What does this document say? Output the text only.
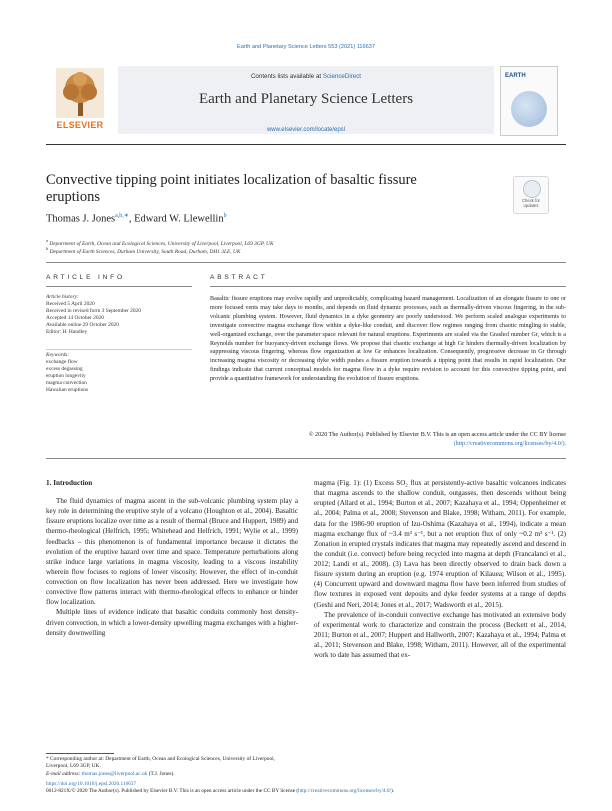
Earth and Planetary Science Letters 553 (2021) 116637
ELSEVIER
Contents lists available at ScienceDirect
Earth and Planetary Science Letters
www.elsevier.com/locate/epsl
EARTH
Convective tipping point initiates localization of basaltic fissure
eruptions	Check for
updates
Thomas J. Jones$^{a,b,∗}$, Edward W. Llewellin$^b$
$^a$ Department of Earth, Ocean and Ecological Sciences, University of Liverpool, Liverpool, L69 3GP, UK
$^b$ Department of Earth Sciences, Durham University, South Road, Durham, DH1 3LE, UK
ARTICLE INFO
Article history:
Received 5 April 2020
Received in revised form 3 September 2020
Accepted 14 October 2020
Available online 29 October 2020
Editor: H. Handley
Keywords:
exchange flow
excess degassing
eruption longevity
magma convection
Hawaiian eruptions
ABSTRACT
Basaltic fissure eruptions may evolve rapidly and unpredictably, complicating hazard management. Localization of an elongate fissure to one or more focused vents may take days to months, and depends on fluid dynamic processes, such as thermally-driven viscous fingering, in the sub-volcanic plumbing system. However, fluid dynamics in a dyke geometry are poorly understood. We perform scaled analogue experiments to investigate convective magma exchange flow within a dyke-like conduit, and discover flow regimes ranging from chaotic mingling to stable, well-organized exchange, over the parameter space relevant for natural eruptions. Experiments are scaled via the Grashof number Gr, which is a Reynolds number for buoyancy-driven exchange flows. We propose that chaotic exchange at high Gr hinders thermally-driven localization by suppressing viscous fingering, whereas flow organization at low Gr enhances localization. Consequently, progressive decrease in Gr through increasing magma viscosity or decreasing dyke width pushes a fissure eruption towards a tipping point that results in rapid localization. Our findings indicate that current conceptual models for magma flow in a dyke require revision to account for this convective tipping point, and provide a quantitative framework for understanding the evolution of fissure eruptions.
© 2020 The Author(s). Published by Elsevier B.V. This is an open access article under the CC BY license
(http://creativecommons.org/licenses/by/4.0/).
1. Introduction

The fluid dynamics of magma ascent in the sub-volcanic plumbing system play a key role in determining the eruptive style of a volcano (Houghton et al., 2004). Basaltic fissure eruptions localize over time as a result of thermal (Bruce and Huppert, 1989) and thermo-rheological (Helfrich, 1995; Whitehead and Helfrich, 1991; Wylie et al., 1999) feedbacks – this phenomenon is of fundamental importance because it dictates the evolution of the eruptive hazard over time and space. Temperature perturbations along strike induce large variations in magma viscosity, leading to a viscous instability wherein flow focuses to regions of lower viscosity. However, the effect of in-conduit convection on flow localization has never been addressed. Here we investigate how convective flow patterns interact with thermo-rheological effects to enhance or hinder flow localization.

Multiple lines of evidence indicate that basaltic conduits commonly host density-driven convection, in which a lower-density upwelling magma exchanges with a higher-density downwelling

magma (Fig. 1): (1) Excess SO₂ flux at persistently-active basaltic volcanoes indicates that magma ascends to the shallow conduit, outgasses, then descends without being erupted (Allard et al., 1994; Burton et al., 2007; Kazahaya et al., 1994; Oppenheimer et al., 2004; Palma et al., 2008; Stevenson and Blake, 1998; Witham, 2011). For example, data for the 1986-90 eruption of Izu-Oshima (Kazahaya et al., 1994), indicate a mean magma exchange flux of ~3.4 m³ s⁻¹, but a net eruption flux of only ~0.2 m³ s⁻¹. (2) Zonation in erupted crystals indicates that magma may repeatedly ascend and descend in the conduit (i.e. convect) before being recycled into magma at depth (Francalanci et al., 2012; Landi et al., 2008). (3) Lava has been directly observed to drain back down a fissure system during an eruption (e.g. 1974 eruption of Kilauea; Wilson et al., 1995). (4) Concurrent upward and downward magma flow have been inferred from studies of flow textures in exposed vent deposits and dyke feeder systems at a range of depths (Geshi and Neri, 2014; Jones et al., 2017; Wadsworth et al., 2015).

The prevalence of in-conduit convective exchange has motivated an extensive body of experimental work to characterize and constrain the process (Beckett et al., 2014, 2011; Burton et al., 2007; Huppert and Hallworth, 2007; Kazahaya et al., 1994; Palma et al., 2011; Stevenson and Blake, 1998; Witham, 2011). However, all of the experimental work to date has assumed that ex-

* Corresponding author at: Department of Earth, Ocean and Ecological Sciences, University of Liverpool, Liverpool, L69 3GP, UK.
E-mail address: thomas.jones@liverpool.ac.uk (T.J. Jones).
https://doi.org/10.1016/j.epsl.2020.116637
0012-821X/© 2020 The Author(s). Published by Elsevier B.V. This is an open access article under the CC BY license (http://creativecommons.org/licenses/by/4.0/).
